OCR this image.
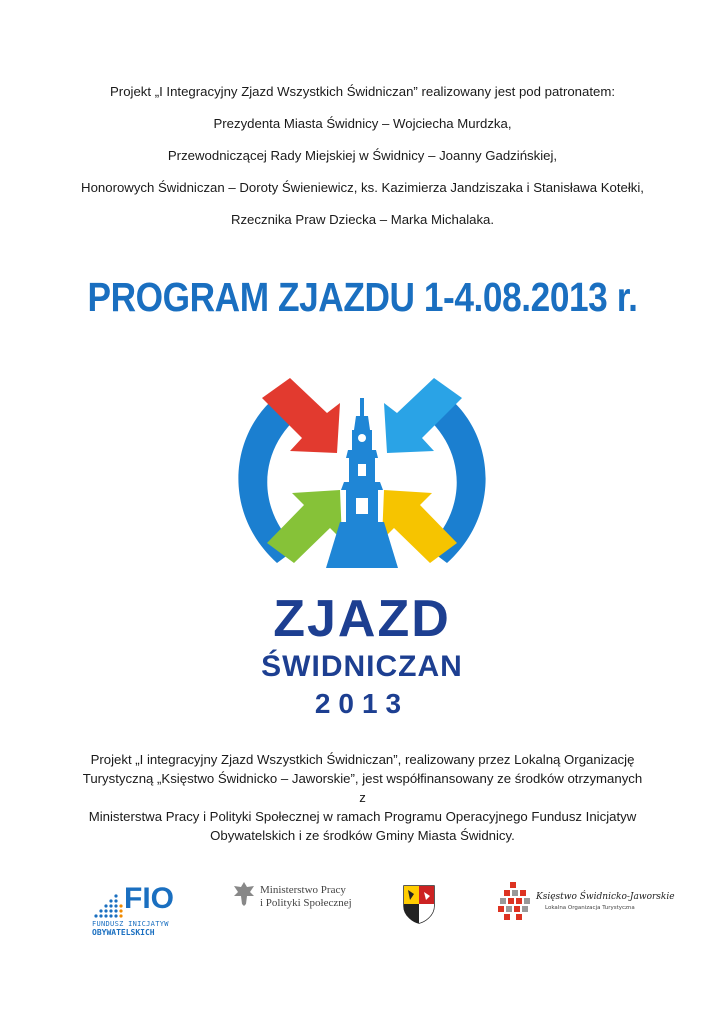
Projekt „I Integracyjny Zjazd Wszystkich Świdniczan” realizowany jest pod patronatem:

Prezydenta Miasta Świdnicy – Wojciecha Murdzka,

Przewodniczącej Rady Miejskiej w Świdnicy – Joanny Gadzińskiej,

Honorowych Świdniczan – Doroty Świeniewicz, ks. Kazimierza Jandziszaka i Stanisława Kotełki,

Rzecznika Praw Dziecka – Marka Michalaka.

PROGRAM ZJAZDU 1-4.08.2013 r.
ZJAZD
ŚWIDNICZAN
2013

Projekt „I integracyjny Zjazd Wszystkich Świdniczan”, realizowany przez Lokalną Organizację

Turystyczną „Księstwo Świdnicko – Jaworskie”, jest współfinansowany ze środków otrzymanych z

Ministerstwa Pracy i Polityki Społecznej w ramach Programu Operacyjnego Fundusz Inicjatyw

Obywatelskich i ze środków Gminy Miasta Świdnicy.

FIO
FUNDUSZ INICJATYW
OBYWATELSKICH
Ministerstwo Pracy
i Polityki Społecznej	Księstwo Świdnicko-Jaworskie
Lokalna Organizacja Turystyczna
